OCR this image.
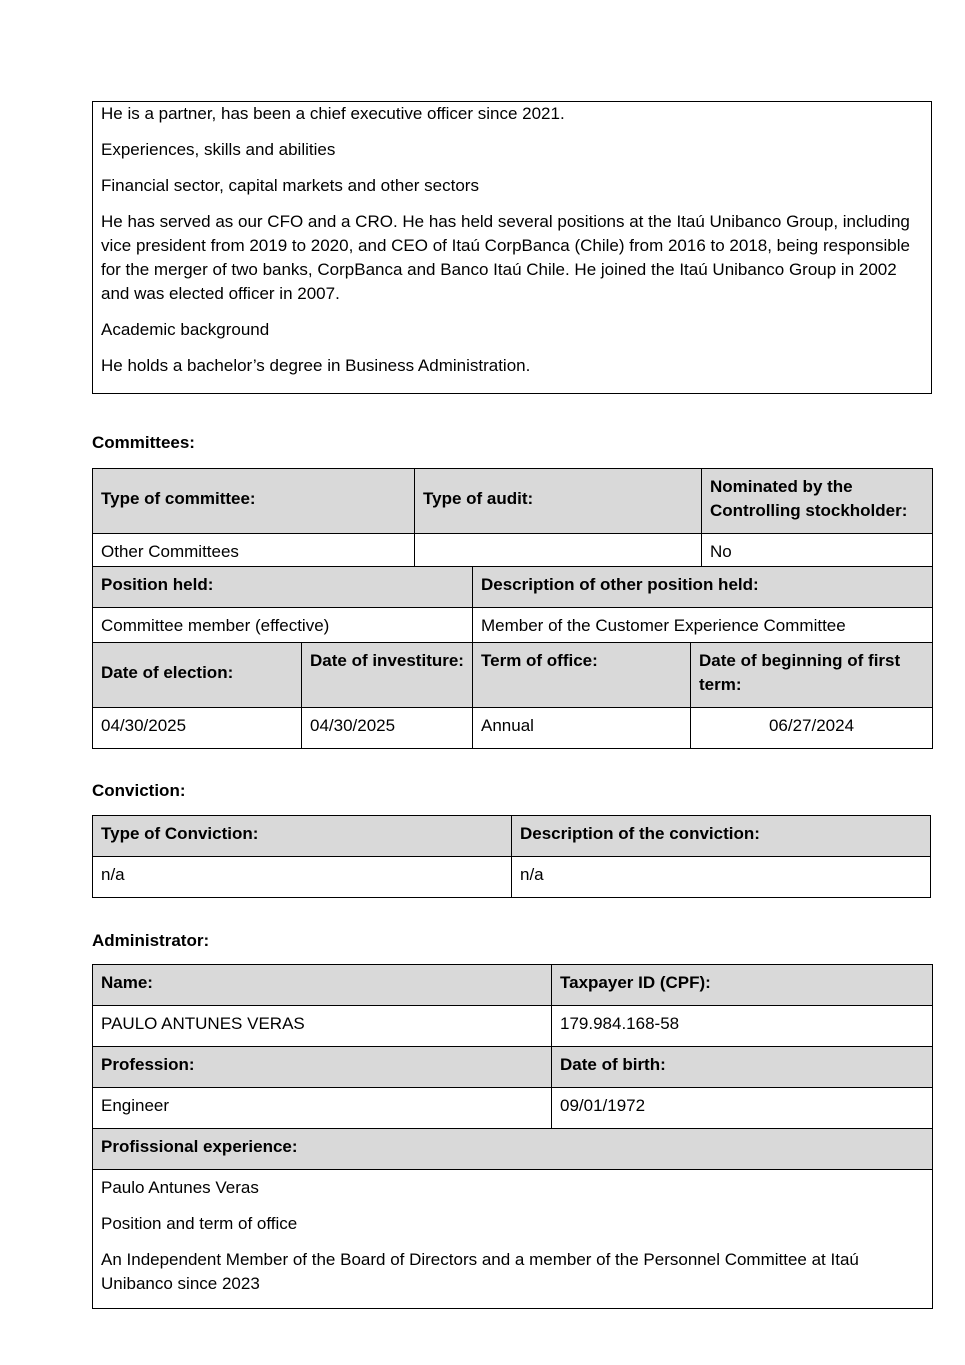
He is a partner, has been a chief executive officer since 2021.

Experiences, skills and abilities

Financial sector, capital markets and other sectors

He has served as our CFO and a CRO. He has held several positions at the Itaú Unibanco Group, including vice president from 2019 to 2020, and CEO of Itaú CorpBanca (Chile) from 2016 to 2018, being responsible for the merger of two banks, CorpBanca and Banco Itaú Chile. He joined the Itaú Unibanco Group in 2002 and was elected officer in 2007.

Academic background

He holds a bachelor’s degree in Business Administration.

Committees:
Type of committee:	Type of audit:	Nominated by the Controlling stockholder:
Other Committees		No
Position held:	Description of other position held:
Committee member (effective)	Member of the Customer Experience Committee
Date of election:	Date of investiture:	Term of office:	Date of beginning of first term:
04/30/2025	04/30/2025	Annual	06/27/2024
Conviction:
Type of Conviction:	Description of the conviction:
n/a	n/a
Administrator:
Name:	Taxpayer ID (CPF):
PAULO ANTUNES VERAS	179.984.168-58
Profession:	Date of birth:
Engineer	09/01/1972
Profissional experience:	

Paulo Antunes Veras

Position and term of office

An Independent Member of the Board of Directors and a member of the Personnel Committee at Itaú Unibanco since 2023	
